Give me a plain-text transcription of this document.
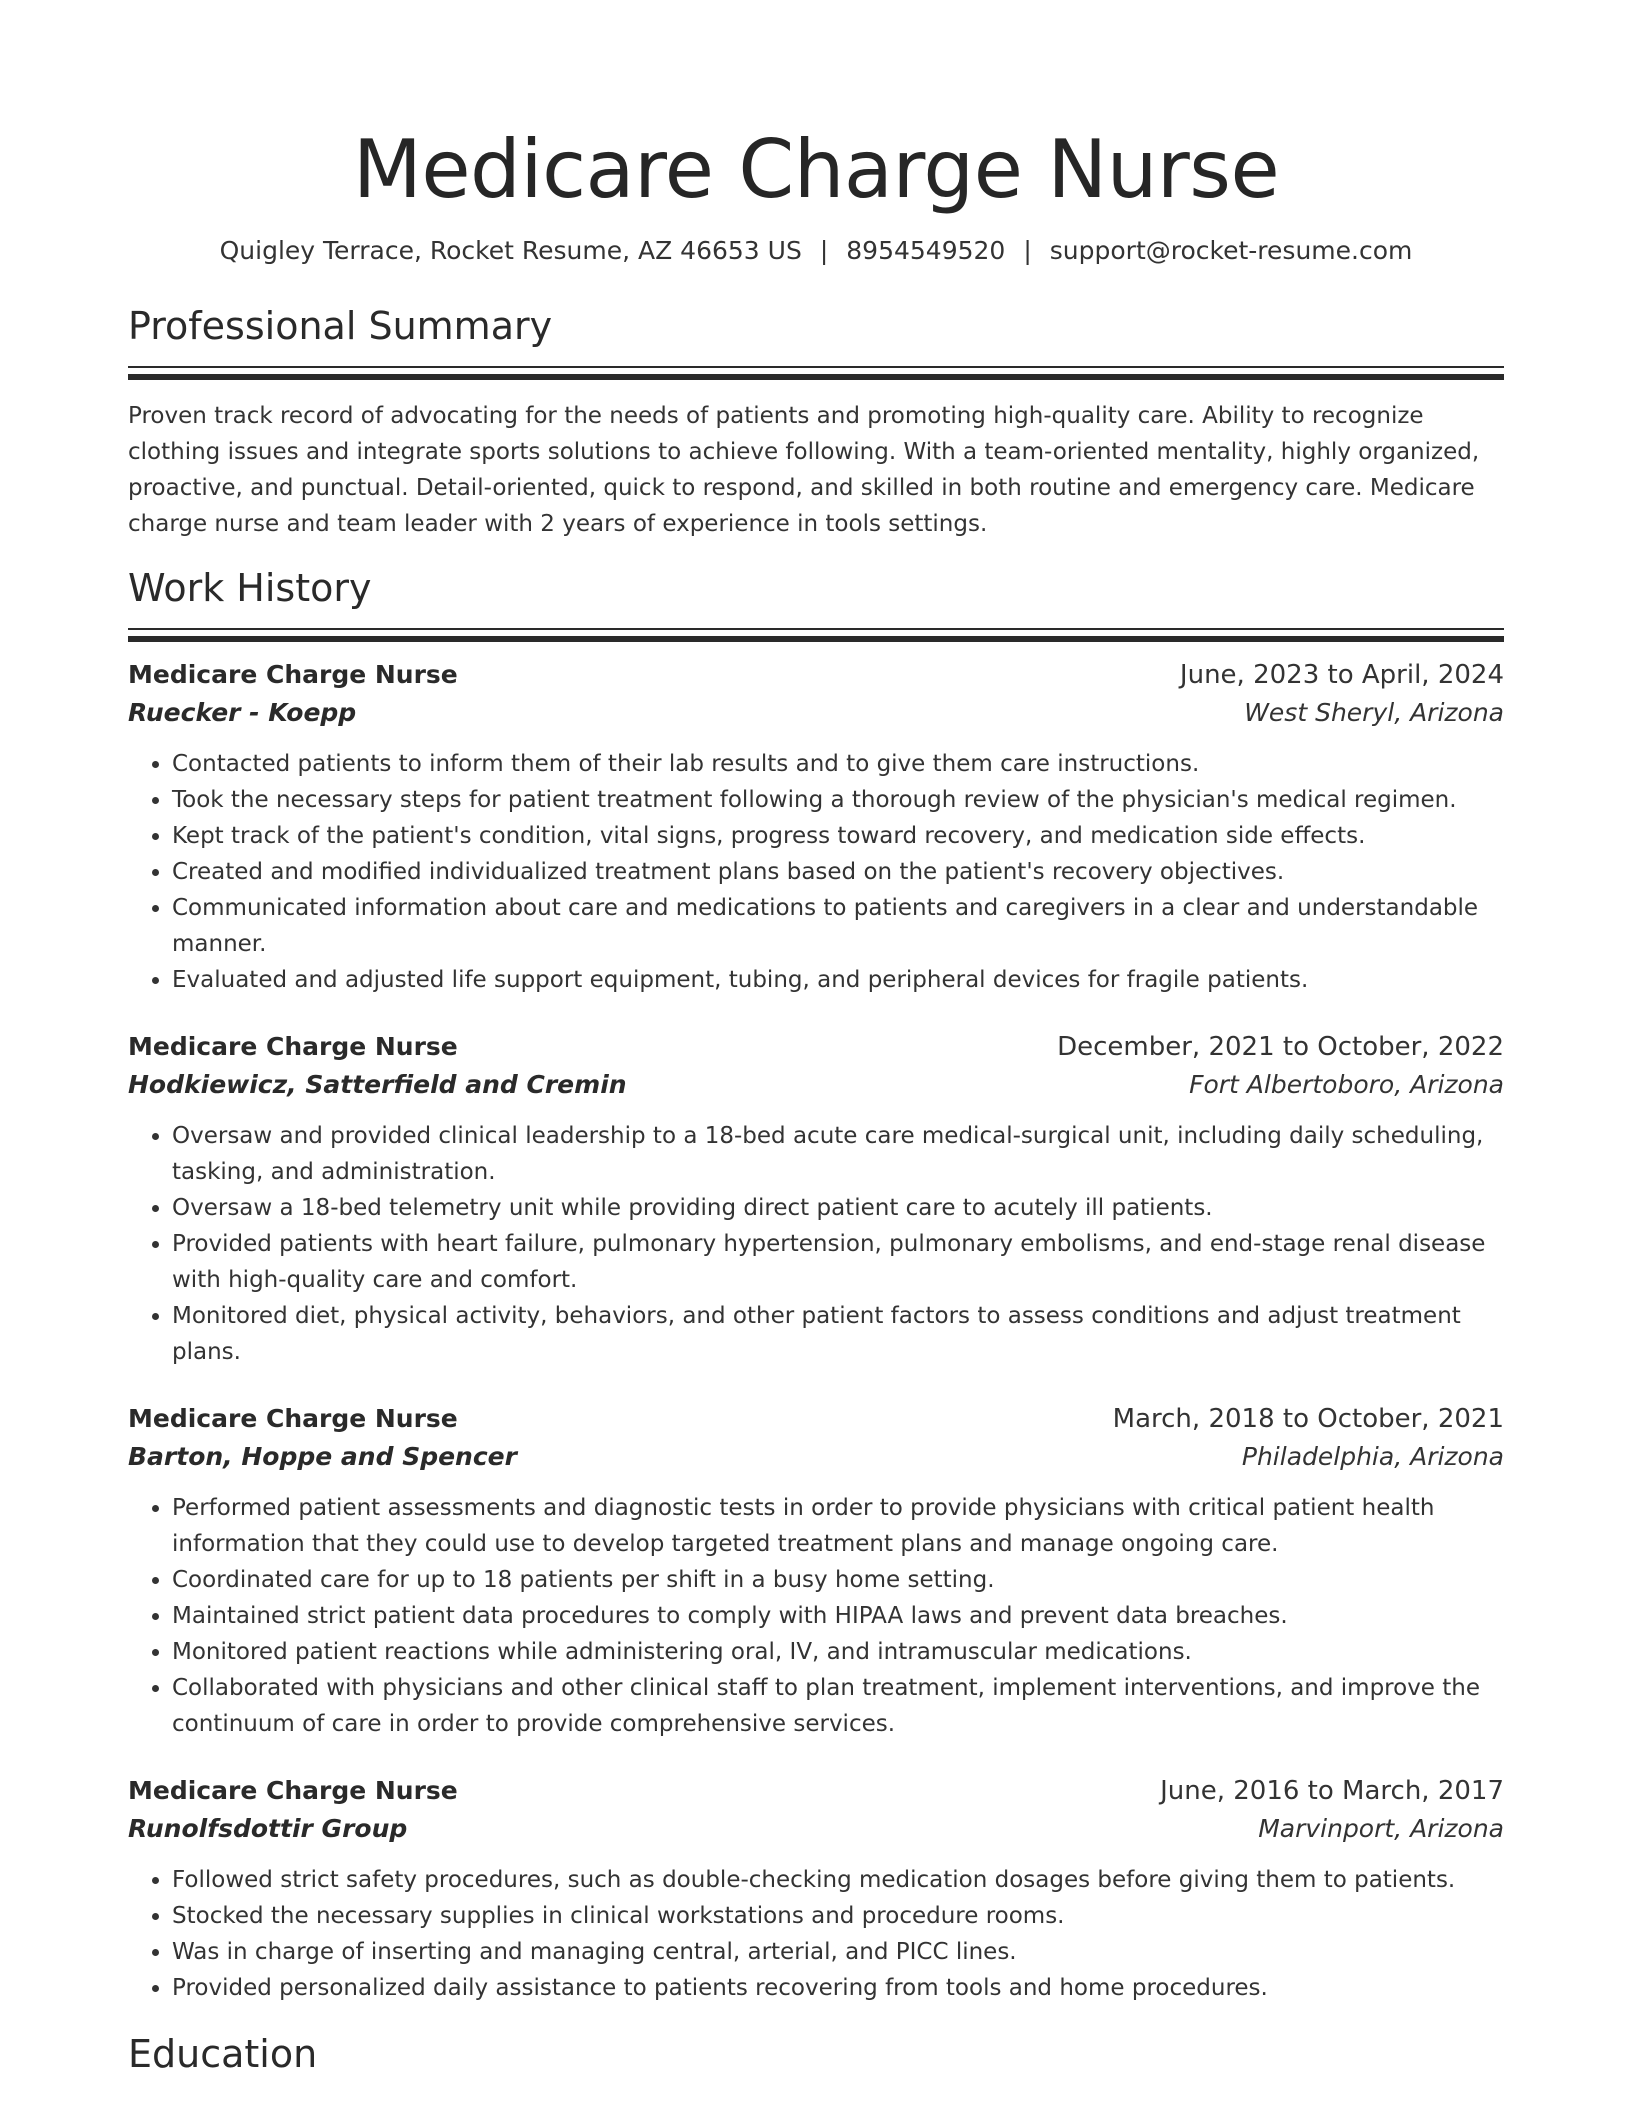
Medicare Charge Nurse
Quigley Terrace, Rocket Resume, AZ 46653 US | 8954549520 | support@rocket-resume.com
Professional Summary
Proven track record of advocating for the needs of patients and promoting high-quality care. Ability to recognize clothing issues and integrate sports solutions to achieve following. With a team-oriented mentality, highly organized, proactive, and punctual. Detail-oriented, quick to respond, and skilled in both routine and emergency care. Medicare charge nurse and team leader with 2 years of experience in tools settings.
Work History
Medicare Charge Nurse	June, 2023 to April, 2024
Ruecker - Koepp	West Sheryl, Arizona
• Contacted patients to inform them of their lab results and to give them care instructions.
• Took the necessary steps for patient treatment following a thorough review of the physician's medical regimen.
• Kept track of the patient's condition, vital signs, progress toward recovery, and medication side effects.
• Created and modified individualized treatment plans based on the patient's recovery objectives.
• Communicated information about care and medications to patients and caregivers in a clear and understandable manner.
• Evaluated and adjusted life support equipment, tubing, and peripheral devices for fragile patients.
Medicare Charge Nurse	December, 2021 to October, 2022
Hodkiewicz, Satterfield and Cremin	Fort Albertoboro, Arizona
• Oversaw and provided clinical leadership to a 18-bed acute care medical-surgical unit, including daily scheduling, tasking, and administration.
• Oversaw a 18-bed telemetry unit while providing direct patient care to acutely ill patients.
• Provided patients with heart failure, pulmonary hypertension, pulmonary embolisms, and end-stage renal disease with high-quality care and comfort.
• Monitored diet, physical activity, behaviors, and other patient factors to assess conditions and adjust treatment plans.
Medicare Charge Nurse	March, 2018 to October, 2021
Barton, Hoppe and Spencer	Philadelphia, Arizona
• Performed patient assessments and diagnostic tests in order to provide physicians with critical patient health information that they could use to develop targeted treatment plans and manage ongoing care.
• Coordinated care for up to 18 patients per shift in a busy home setting.
• Maintained strict patient data procedures to comply with HIPAA laws and prevent data breaches.
• Monitored patient reactions while administering oral, IV, and intramuscular medications.
• Collaborated with physicians and other clinical staff to plan treatment, implement interventions, and improve the continuum of care in order to provide comprehensive services.
Medicare Charge Nurse	June, 2016 to March, 2017
Runolfsdottir Group	Marvinport, Arizona
• Followed strict safety procedures, such as double-checking medication dosages before giving them to patients.
• Stocked the necessary supplies in clinical workstations and procedure rooms.
• Was in charge of inserting and managing central, arterial, and PICC lines.
• Provided personalized daily assistance to patients recovering from tools and home procedures.
Education
